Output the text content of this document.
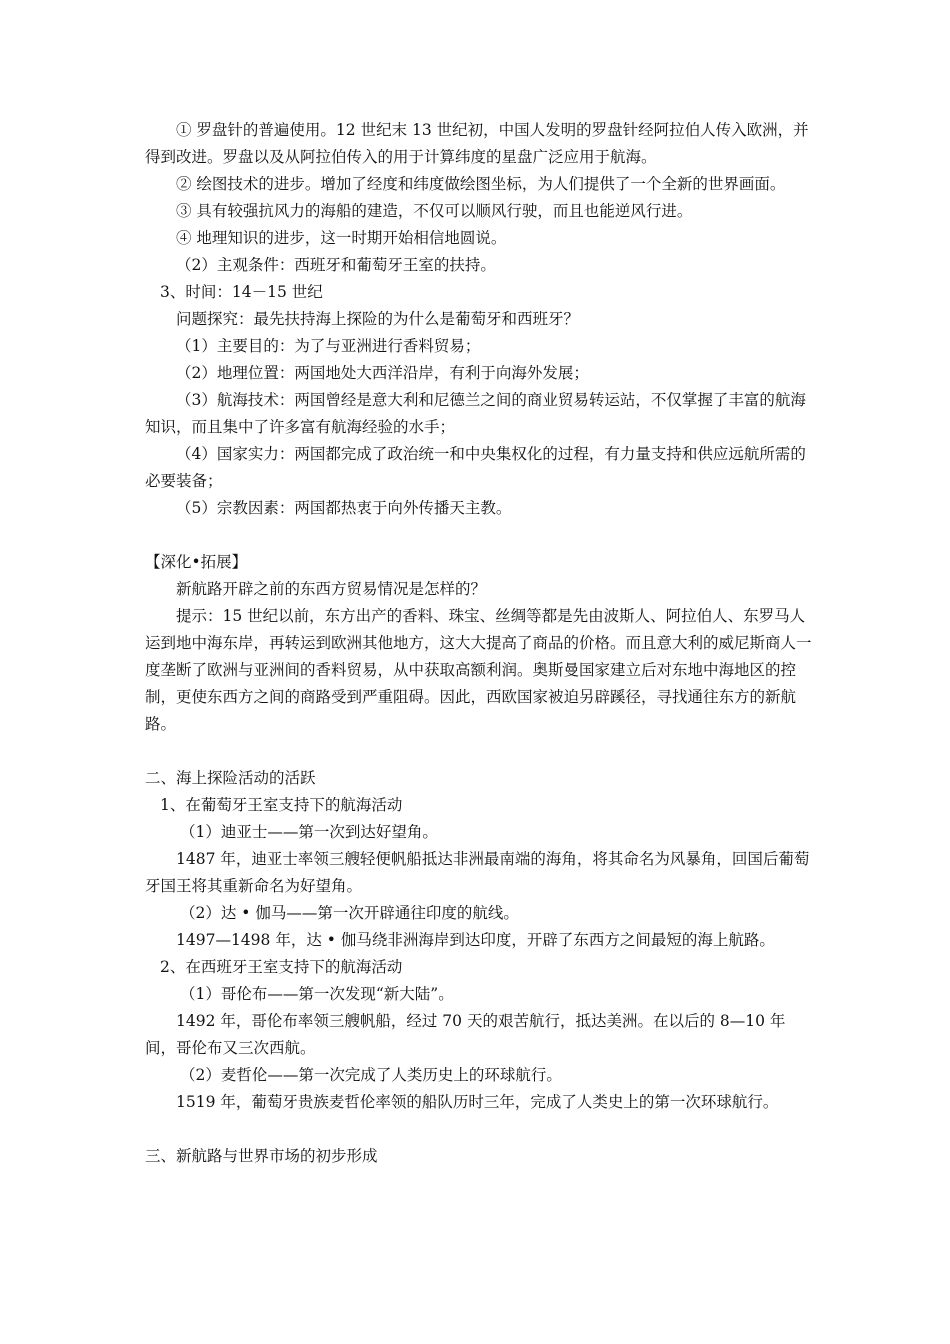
① 罗盘针的普遍使用。12 世纪末 13 世纪初，中国人发明的罗盘针经阿拉伯人传入欧洲，并得到改进。罗盘以及从阿拉伯传入的用于计算纬度的星盘广泛应用于航海。

② 绘图技术的进步。增加了经度和纬度做绘图坐标，为人们提供了一个全新的世界画面。

③ 具有较强抗风力的海船的建造，不仅可以顺风行驶，而且也能逆风行进。

④ 地理知识的进步，这一时期开始相信地圆说。

（2）主观条件：西班牙和葡萄牙王室的扶持。

3、时间：14－15 世纪

问题探究：最先扶持海上探险的为什么是葡萄牙和西班牙？

（1）主要目的：为了与亚洲进行香料贸易；

（2）地理位置：两国地处大西洋沿岸，有利于向海外发展；

（3）航海技术：两国曾经是意大利和尼德兰之间的商业贸易转运站，不仅掌握了丰富的航海知识，而且集中了许多富有航海经验的水手；

（4）国家实力：两国都完成了政治统一和中央集权化的过程，有力量支持和供应远航所需的必要装备；

（5）宗教因素：两国都热衷于向外传播天主教。

【深化•拓展】

新航路开辟之前的东西方贸易情况是怎样的？

提示：15 世纪以前，东方出产的香料、珠宝、丝绸等都是先由波斯人、阿拉伯人、东罗马人运到地中海东岸，再转运到欧洲其他地方，这大大提高了商品的价格。而且意大利的威尼斯商人一度垄断了欧洲与亚洲间的香料贸易，从中获取高额利润。奥斯曼国家建立后对东地中海地区的控制，更使东西方之间的商路受到严重阻碍。因此，西欧国家被迫另辟蹊径，寻找通往东方的新航路。

二、海上探险活动的活跃

1、在葡萄牙王室支持下的航海活动

（1）迪亚士——第一次到达好望角。

1487 年，迪亚士率领三艘轻便帆船抵达非洲最南端的海角，将其命名为风暴角，回国后葡萄牙国王将其重新命名为好望角。

（2）达 • 伽马——第一次开辟通往印度的航线。

1497—1498 年，达 • 伽马绕非洲海岸到达印度，开辟了东西方之间最短的海上航路。

2、在西班牙王室支持下的航海活动

（1）哥伦布——第一次发现“新大陆”。

1492 年，哥伦布率领三艘帆船，经过 70 天的艰苦航行，抵达美洲。在以后的 8—10 年间，哥伦布又三次西航。

（2）麦哲伦——第一次完成了人类历史上的环球航行。

1519 年，葡萄牙贵族麦哲伦率领的船队历时三年，完成了人类史上的第一次环球航行。

三、新航路与世界市场的初步形成
